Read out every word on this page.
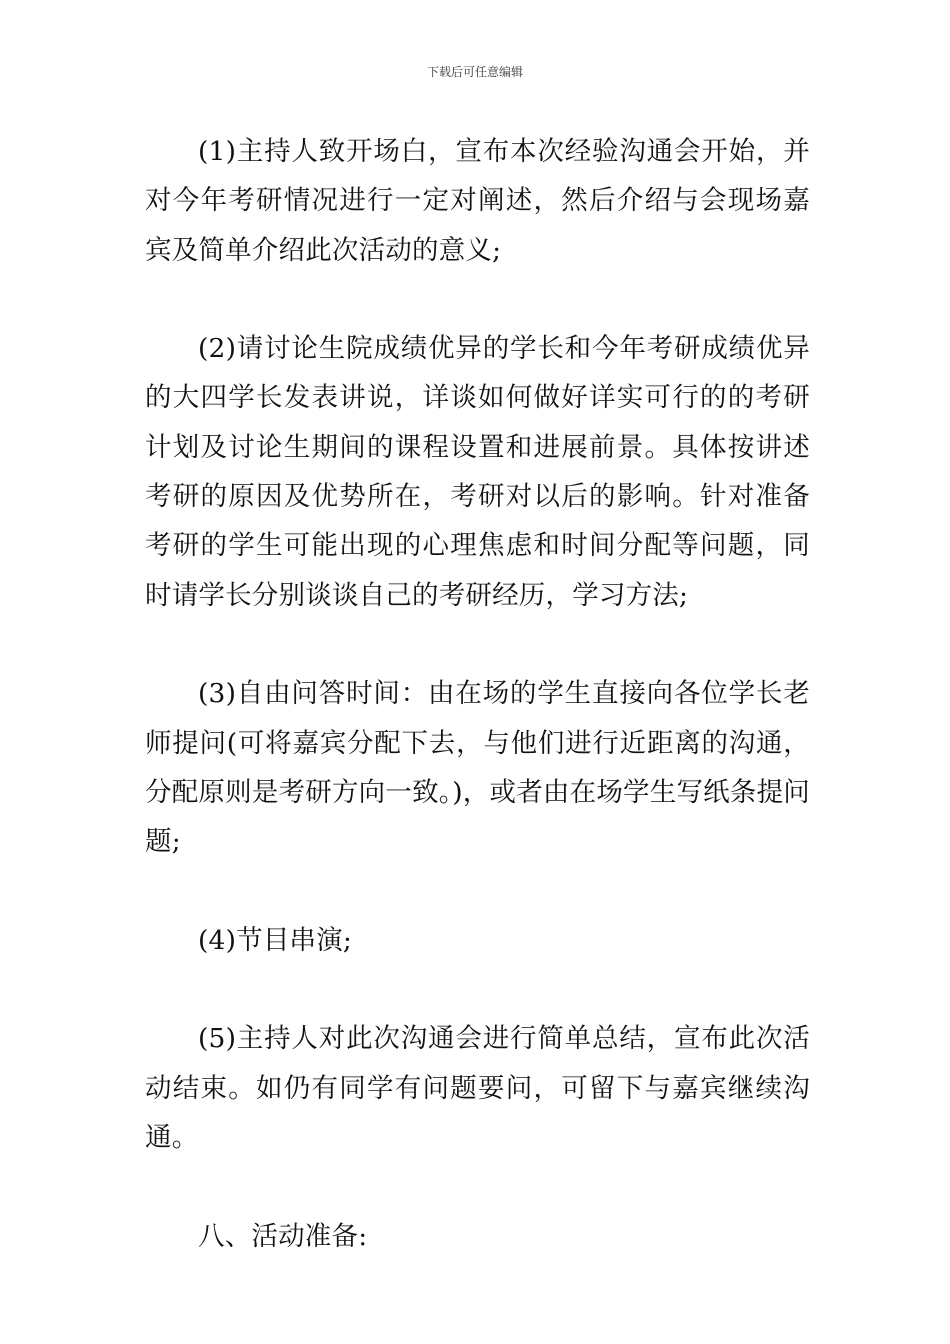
下载后可任意编辑

(1)主持人致开场白，宣布本次经验沟通会开始，并对今年考研情况进行一定对阐述，然后介绍与会现场嘉宾及简单介绍此次活动的意义;

(2)请讨论生院成绩优异的学长和今年考研成绩优异的大四学长发表讲说，详谈如何做好详实可行的的考研计划及讨论生期间的课程设置和进展前景。具体按讲述考研的原因及优势所在，考研对以后的影响。针对准备考研的学生可能出现的心理焦虑和时间分配等问题，同时请学长分别谈谈自己的考研经历，学习方法;

(3)自由问答时间：由在场的学生直接向各位学长老师提问(可将嘉宾分配下去，与他们进行近距离的沟通，分配原则是考研方向一致。)，或者由在场学生写纸条提问题;

(4)节目串演;

(5)主持人对此次沟通会进行简单总结，宣布此次活动结束。如仍有同学有问题要问，可留下与嘉宾继续沟通。

八、活动准备:
